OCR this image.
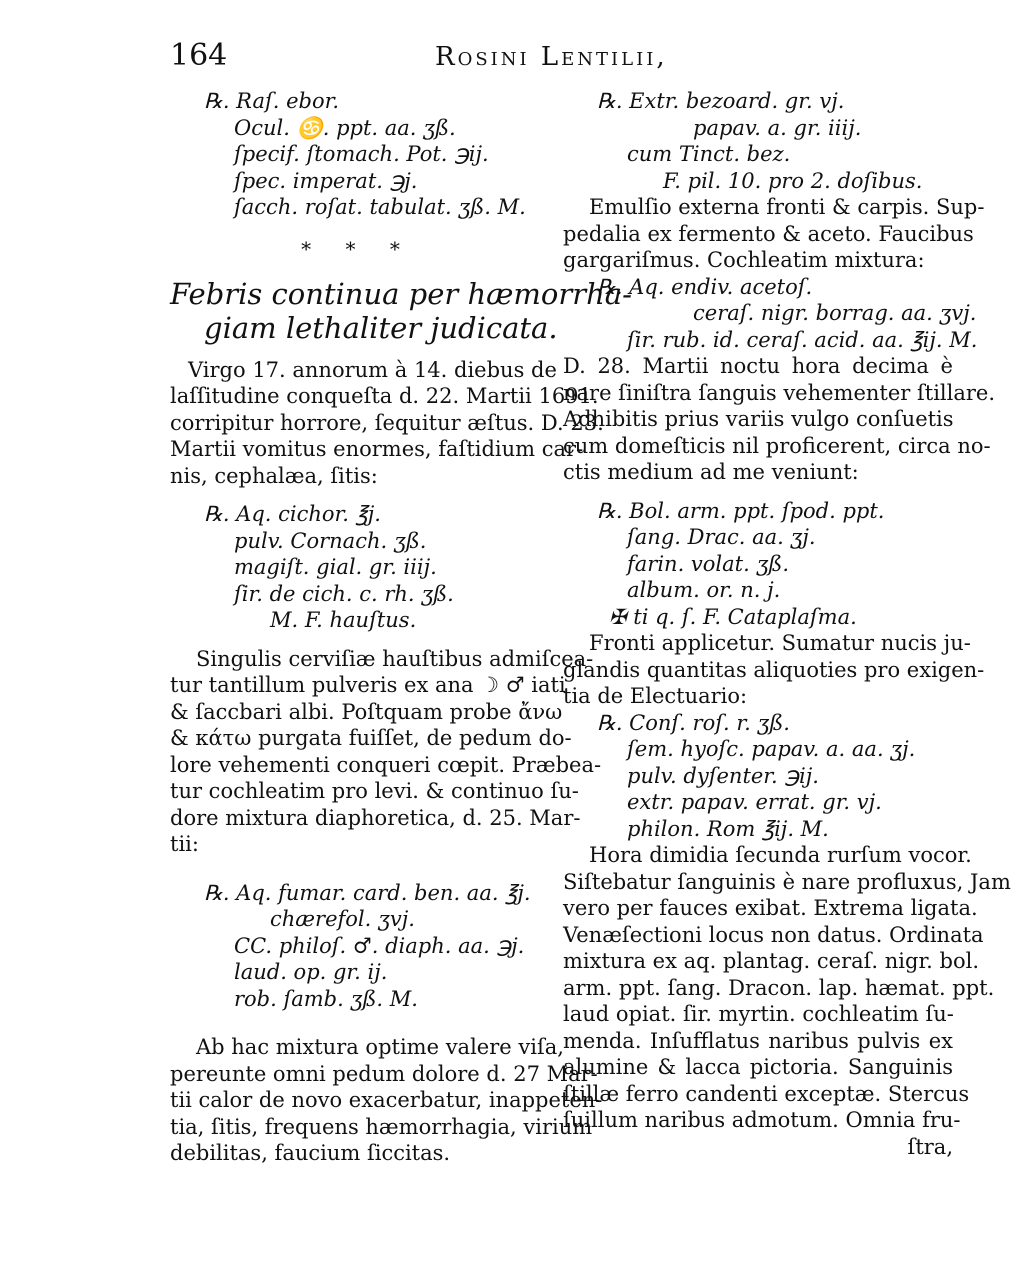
164	Rosini Lentilii,
℞. Raſ. ebor.
Ocul. ♋. ppt. aa. ʒß.
ſpecif. ſtomach. Pot. ℈ij.
ſpec. imperat. ℈j.
ſacch. roſat. tabulat. ʒß. M.
* * *
Febris continua per hæmorrha-
giam lethaliter judicata.
Virgo 17. annorum à 14. diebus de
laſſitudine conqueſta d. 22. Martii 1691.
corripitur horrore, ſequitur æſtus. D. 23.
Martii vomitus enormes, faſtidium car-
nis, cephalæa, ſitis:
℞. Aq. cichor. ℥j.
pulv. Cornach. ʒß.
magiſt. gial. gr. iiij.
ſir. de cich. c. rh. ʒß.
M. F. hauſtus.
Singulis cerviſiæ hauſtibus admiſcea-
tur tantillum pulveris ex ana ☽ ♂ iati
& ſaccbari albi. Poſtquam probe ἄνω
& κάτω purgata fuiſſet, de pedum do-
lore vehementi conqueri cœpit. Præbea-
tur cochleatim pro levi. & continuo ſu-
dore mixtura diaphoretica, d. 25. Mar-
tii:
℞. Aq. fumar. card. ben. aa. ℥j.
chærefol. ʒvj.
CC. philoſ. ♂. diaph. aa. ℈j.
laud. op. gr. ij.
rob. ſamb. ʒß. M.
Ab hac mixtura optime valere viſa,
pereunte omni pedum dolore d. 27 Mar-
tii calor de novo exacerbatur, inappeten-
tia, ſitis, frequens hæmorrhagia, virium
debilitas, faucium ſiccitas.
℞. Extr. bezoard. gr. vj.
papav. a. gr. iiij.
cum Tinct. bez.
F. pil. 10. pro 2. doſibus.
Emulſio externa fronti & carpis. Sup-
pedalia ex fermento & aceto. Faucibus
gargariſmus. Cochleatim mixtura:
℞. Aq. endiv. acetoſ.
ceraſ. nigr. borrag. aa. ʒvj.
ſir. rub. id. ceraſ. acid. aa. ℥ij. M.
D. 28. Martii noctu hora decima è
nare ſiniſtra ſanguis vehementer ſtillare.
Adhibitis prius variis vulgo conſuetis
cum domeſticis nil proficerent, circa no-
ctis medium ad me veniunt:
℞. Bol. arm. ppt. ſpod. ppt.
ſang. Drac. aa. ʒj.
farin. volat. ʒß.
album. or. n. j.
✠ ti q. ſ. F. Cataplaſma.
Fronti applicetur. Sumatur nucis ju-
glandis quantitas aliquoties pro exigen-
tia de Electuario:
℞. Conſ. roſ. r. ʒß.
ſem. hyoſc. papav. a. aa. ʒj.
pulv. dyſenter. ℈ij.
extr. papav. errat. gr. vj.
philon. Rom ℥ij. M.
Hora dimidia ſecunda rurſum vocor.
Siſtebatur ſanguinis è nare profluxus, Jam
vero per fauces exibat. Extrema ligata.
Venæſectioni locus non datus. Ordinata
mixtura ex aq. plantag. ceraſ. nigr. bol.
arm. ppt. ſang. Dracon. lap. hæmat. ppt.
laud opiat. ſir. myrtin. cochleatim ſu-
menda. Inſufflatus naribus pulvis ex
alumine & lacca pictoria. Sanguinis
ſtillæ ferro candenti exceptæ. Stercus
ſuillum naribus admotum. Omnia fru-
ſtra,
